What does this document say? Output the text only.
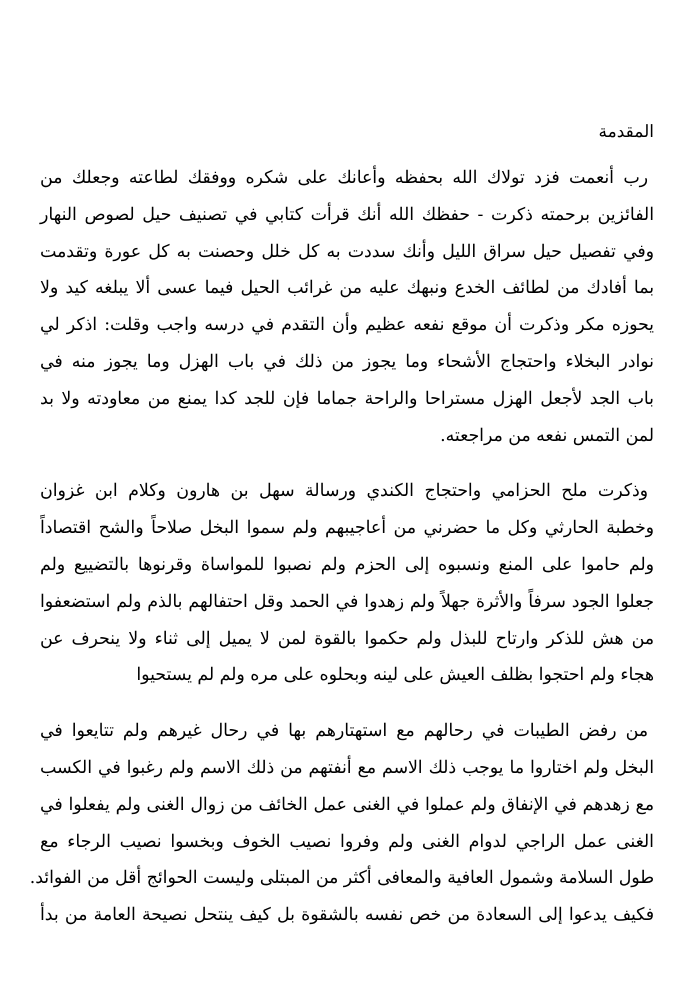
المقدمة
رب أنعمت فزد تولاك الله بحفظه وأعانك على شكره ووفقك لطاعته وجعلك من
الفائزين برحمته ذكرت - حفظك الله أنك قرأت كتابي في تصنيف حيل لصوص النهار
وفي تفصيل حيل سراق الليل وأنك سددت به كل خلل وحصنت به كل عورة وتقدمت
بما أفادك من لطائف الخدع ونبهك عليه من غرائب الحيل فيما عسى ألا يبلغه كيد ولا
يحوزه مكر وذكرت أن موقع نفعه عظيم وأن التقدم في درسه واجب وقلت: اذكر لي
نوادر البخلاء واحتجاج الأشحاء وما يجوز من ذلك في باب الهزل وما يجوز منه في
باب الجد لأجعل الهزل مستراحا والراحة جماما فإن للجد كدا يمنع من معاودته ولا بد
لمن التمس نفعه من مراجعته.
وذكرت ملح الحزامي واحتجاج الكندي ورسالة سهل بن هارون وكلام ابن غزوان
وخطبة الحارثي وكل ما حضرني من أعاجيبهم ولم سموا البخل صلاحاً والشح اقتصاداً
ولم حاموا على المنع ونسبوه إلى الحزم ولم نصبوا للمواساة وقرنوها بالتضييع ولم
جعلوا الجود سرفاً والأثرة جهلاً ولم زهدوا في الحمد وقل احتفالهم بالذم ولم استضعفوا
من هش للذكر وارتاح للبذل ولم حكموا بالقوة لمن لا يميل إلى ثناء ولا ينحرف عن
هجاء ولم احتجوا بظلف العيش على لينه وبحلوه على مره ولم لم يستحيوا
من رفض الطيبات في رحالهم مع استهتارهم بها في رحال غيرهم ولم تتايعوا في
البخل ولم اختاروا ما يوجب ذلك الاسم مع أنفتهم من ذلك الاسم ولم رغبوا في الكسب
مع زهدهم في الإنفاق ولم عملوا في الغنى عمل الخائف من زوال الغنى ولم يفعلوا في
الغنى عمل الراجي لدوام الغنى ولم وفروا نصيب الخوف وبخسوا نصيب الرجاء مع
طول السلامة وشمول العافية والمعافى أكثر من المبتلى وليست الحوائج أقل من الفوائد.
فكيف يدعوا إلى السعادة من خص نفسه بالشقوة بل كيف ينتحل نصيحة العامة من بدأ
